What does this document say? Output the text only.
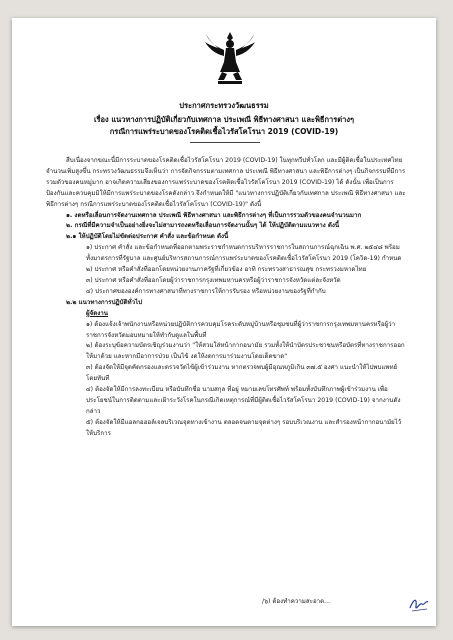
ประกาศกระทรวงวัฒนธรรม
เรื่อง แนวทางการปฏิบัติเกี่ยวกับเทศกาล ประเพณี พิธีทางศาสนา และพิธีการต่างๆ
กรณีการแพร่ระบาดของโรคติดเชื้อไวรัสโคโรนา 2019 (COVID-19)

สืบเนื่องจากขณะนี้มีการระบาดของโรคติดเชื้อไวรัสโคโรนา 2019 (COVID-19) ในทุกทวีปทั่วโลก และมีผู้ติดเชื้อในประเทศไทยจำนวนเพิ่มสูงขึ้น กระทรวงวัฒนธรรมจึงเห็นว่า การจัดกิจกรรมตามเทศกาล ประเพณี พิธีทางศาสนา และพิธีการต่างๆ เป็นกิจกรรมที่มีการรวมตัวของคนหมู่มาก อาจเกิดความเสี่ยงของการแพร่ระบาดของโรคติดเชื้อไวรัสโคโรนา 2019 (COVID-19) ได้ ดังนั้น เพื่อเป็นการป้องกันและควบคุมมิให้มีการแพร่ระบาดของโรคดังกล่าว จึงกำหนดให้มี "แนวทางการปฏิบัติเกี่ยวกับเทศกาล ประเพณี พิธีทางศาสนา และพิธีการต่างๆ กรณีการแพร่ระบาดของโรคติดเชื้อไวรัสโคโรนา (COVID-19)" ดังนี้

๑. งดหรือเลื่อนการจัดงานเทศกาล ประเพณี พิธีทางศาสนา และพิธีการต่างๆ ที่เป็นการรวมตัวของคนจำนวนมาก

๒. กรณีที่มีความจำเป็นอย่างยิ่งจะไม่สามารถงดหรือเลื่อนการจัดงานนั้นๆ ได้ ให้ปฏิบัติตามแนวทาง ดังนี้

๒.๑ ให้ปฏิบัติโดยไม่ขัดต่อประกาศ คำสั่ง และข้อกำหนด ดังนี้

๑) ประกาศ คำสั่ง และข้อกำหนดที่ออกตามพระราชกำหนดการบริหารราชการในสถานการณ์ฉุกเฉิน พ.ศ. ๒๕๔๘ พร้อมทั้งมาตรการที่รัฐบาล และศูนย์บริหารสถานการณ์การแพร่ระบาดของโรคติดเชื้อไวรัสโคโรนา 2019 (โควิด-19) กำหนด

๒) ประกาศ หรือคำสั่งที่ออกโดยหน่วยงานภาครัฐที่เกี่ยวข้อง อาทิ กระทรวงสาธารณสุข กระทรวงมหาดไทย

๓) ประกาศ หรือคำสั่งที่ออกโดยผู้ว่าราชการกรุงเทพมหานครหรือผู้ว่าราชการจังหวัดแต่ละจังหวัด

๔) ประกาศขององค์การทางศาสนาที่ทางราชการให้การรับรอง หรือหน่วยงานของรัฐที่กำกับ

๒.๒ แนวทางการปฏิบัติทั่วไป

ผู้จัดงาน

๑) ต้องแจ้งเจ้าพนักงานหรือหน่วยปฏิบัติการควบคุมโรคระดับหมู่บ้านหรือชุมชนที่ผู้ว่าราชการกรุงเทพมหานครหรือผู้ว่าราชการจังหวัดมอบหมายให้ทำกับดูแลในพื้นที่

๒) ต้องระบุข้อความบัตรเชิญร่วมงานว่า "ให้สวมใส่หน้ากากอนามัย รวมทั้งให้นำบัตรประชาชนหรือบัตรที่ทางราชการออกให้มาด้วย และหากมีอาการป่วย เป็นไข้ งดให้งดการมาร่วมงานโดยเด็ดขาด"

๓) ต้องจัดให้มีจุดคัดกรองและตรวจวัดไข้ผู้เข้าร่วมงาน หากตรวจพบผู้มีอุณหภูมิเกิน ๓๗.๕ องศา แนะนำให้ไปพบแพทย์โดยทันที

๔) ต้องจัดให้มีการลงทะเบียน หรือบันทึกชื่อ นามสกุล ที่อยู่ หมายเลขโทรศัพท์ พร้อมทั้งบันทึกภาพผู้เข้าร่วมงาน เพื่อประโยชน์ในการติดตามและเฝ้าระวังโรคในกรณีเกิดเหตุการณ์ที่มีผู้ติดเชื้อไวรัสโคโรนา 2019 (COVID-19) จากงานดังกล่าว

๕) ต้องจัดให้มีแอลกอฮอล์เจลบริเวณจุดทางเข้างาน ตลอดจนตามจุดต่างๆ รอบบริเวณงาน และสำรองหน้ากากอนามัยไว้ให้บริการ

/๖) ต้องทำความสะอาด...
